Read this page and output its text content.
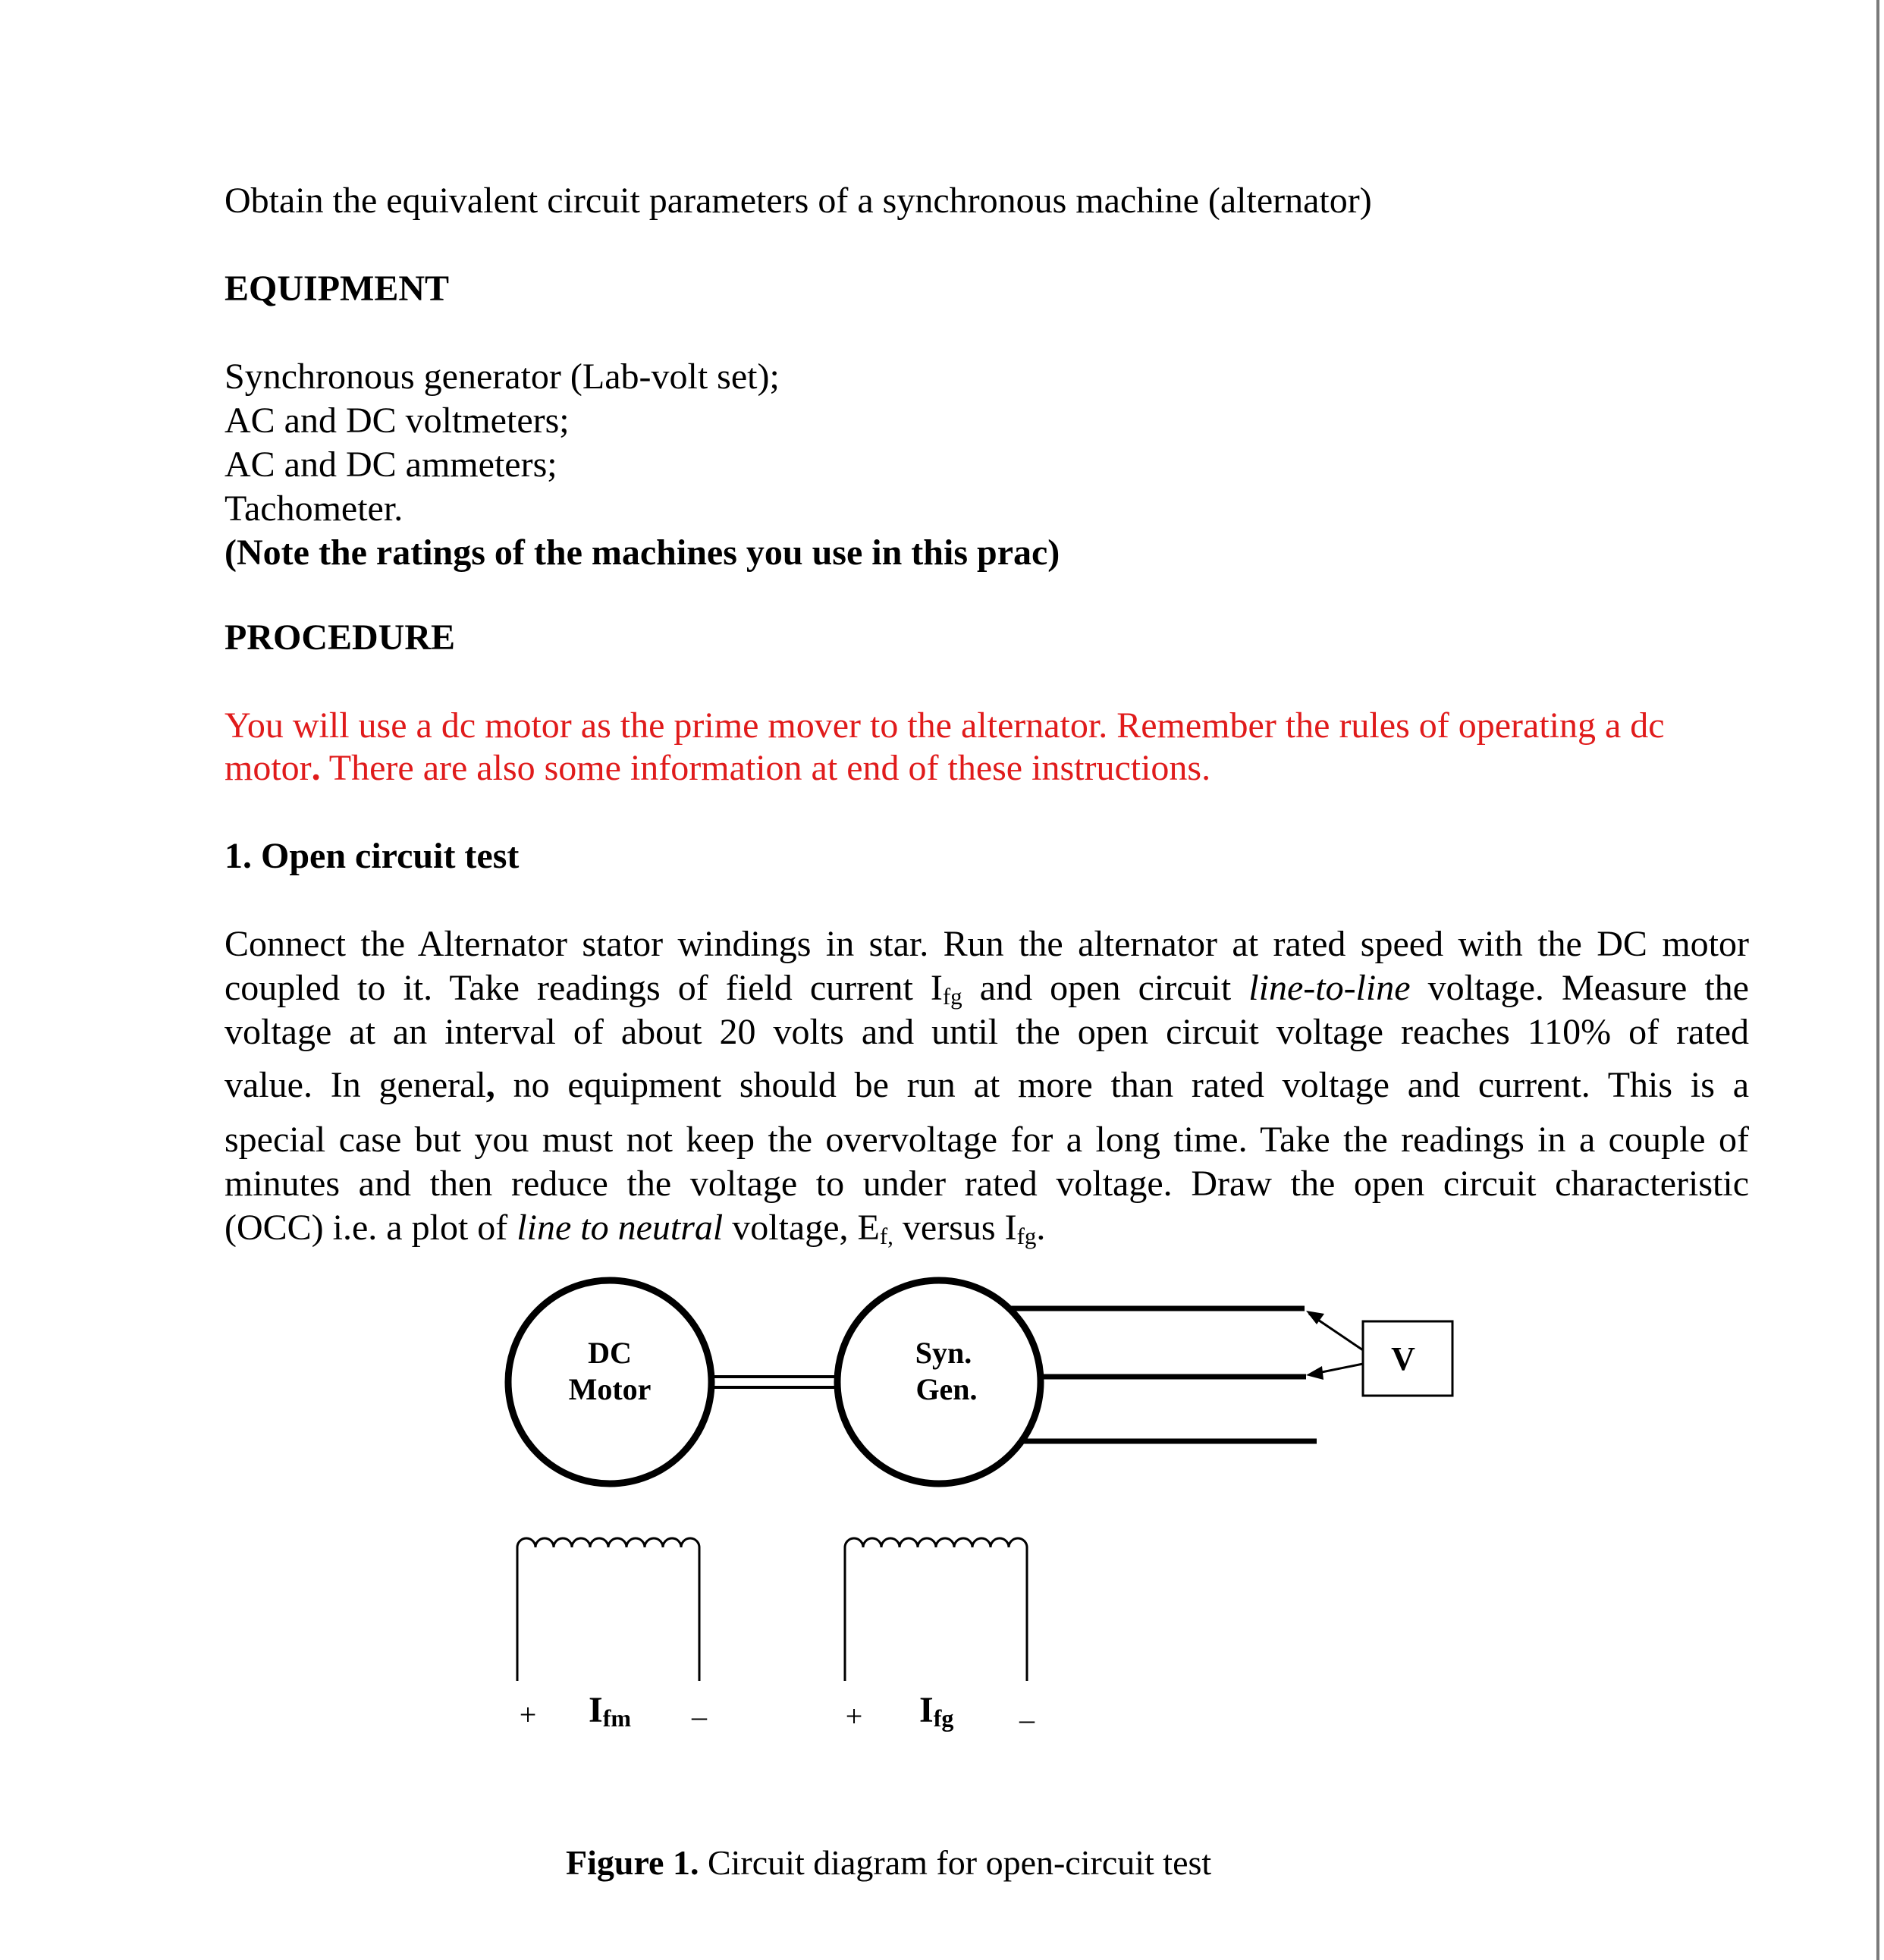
Obtain the equivalent circuit parameters of a synchronous machine (alternator)

EQUIPMENT

Synchronous generator (Lab-volt set);

AC and DC voltmeters;

AC and DC ammeters;

Tachometer.

(Note the ratings of the machines you use in this prac)

PROCEDURE

You will use a dc motor as the prime mover to the alternator. Remember the rules of operating a dc

motor. There are also some information at end of these instructions.

1. Open circuit test

Connect the Alternator stator windings in star. Run the alternator at rated speed with the DC motor

coupled to it. Take readings of field current $I_{fg}$ and open circuit line-to-line voltage. Measure the

voltage at an interval of about 20 volts and until the open circuit voltage reaches 110% of rated

value. In general, no equipment should be run at more than rated voltage and current. This is a

special case but you must not keep the overvoltage for a long time. Take the readings in a couple of

minutes and then reduce the voltage to under rated voltage. Draw the open circuit characteristic

(OCC) i.e. a plot of line to neutral voltage, $E_{f,}$ versus $I_{fg}$.

DC
Motor
Syn.
Gen.
V
+	–	+	–
Ifm	Ifg

Figure 1. Circuit diagram for open-circuit test
